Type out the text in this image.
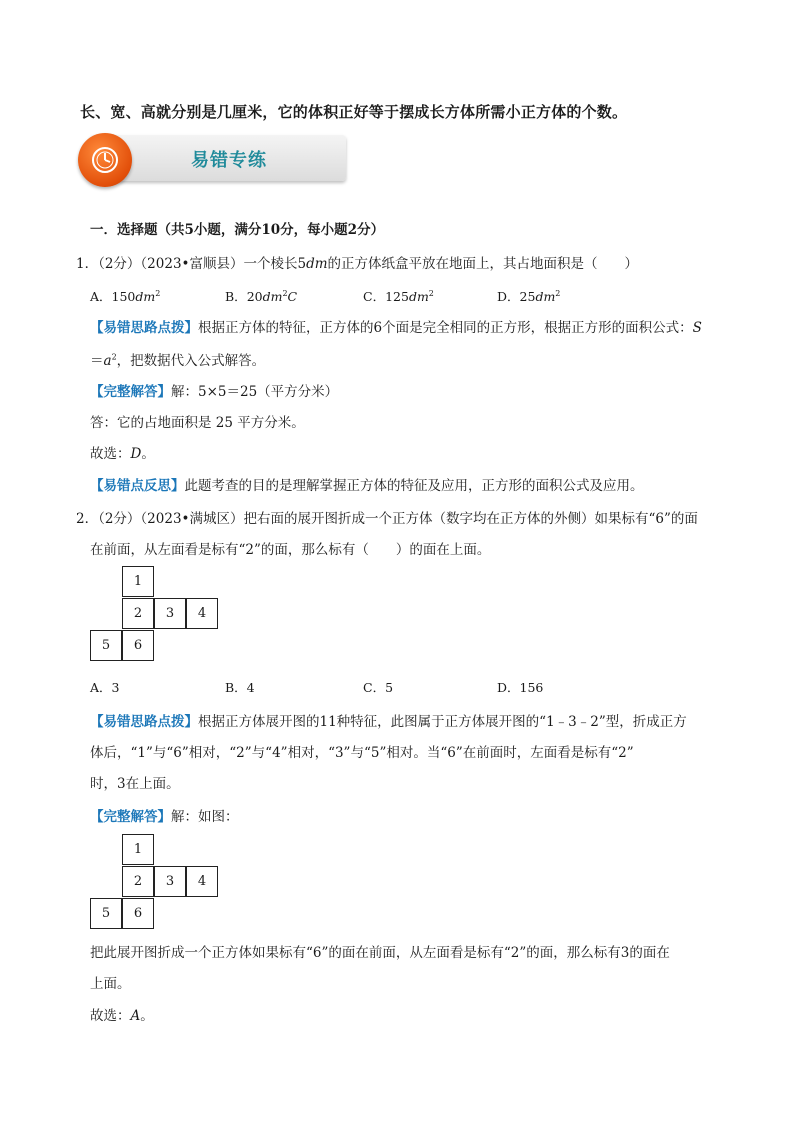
长、宽、高就分别是几厘米，它的体积正好等于摆成长方体所需小正方体的个数。
易错专练
一．选择题（共5小题，满分10分，每小题2分）
1．（2分）（2023•富顺县）一个棱长5dm的正方体纸盒平放在地面上，其占地面积是（　　）
A．$150dm^2$	B．$20dm^2C$	C．$125dm^2$	D．$25dm^2$
【易错思路点拨】根据正方体的特征，正方体的6个面是完全相同的正方形，根据正方形的面积公式：S
$=a^2$，把数据代入公式解答。
【完整解答】解：5×5＝25（平方分米）
答：它的占地面积是 25 平方分米。
故选：D。
【易错点反思】此题考查的目的是理解掌握正方体的特征及应用，正方形的面积公式及应用。
2．（2分）（2023•满城区）把右面的展开图折成一个正方体（数字均在正方体的外侧）如果标有“6”的面
在前面，从左面看是标有“2”的面，那么标有（　　）的面在上面。
1
2	3	4
5	6
A．3	B．4	C．5	D．156
【易错思路点拨】根据正方体展开图的11种特征，此图属于正方体展开图的“1﹣3﹣2”型，折成正方
体后，“1”与“6”相对，“2”与“4”相对，“3”与“5”相对。当“6”在前面时，左面看是标有“2”
时，3在上面。
【完整解答】解：如图：
1
2	3	4
5	6
把此展开图折成一个正方体如果标有“6”的面在前面，从左面看是标有“2”的面，那么标有3的面在
上面。
故选：A。
